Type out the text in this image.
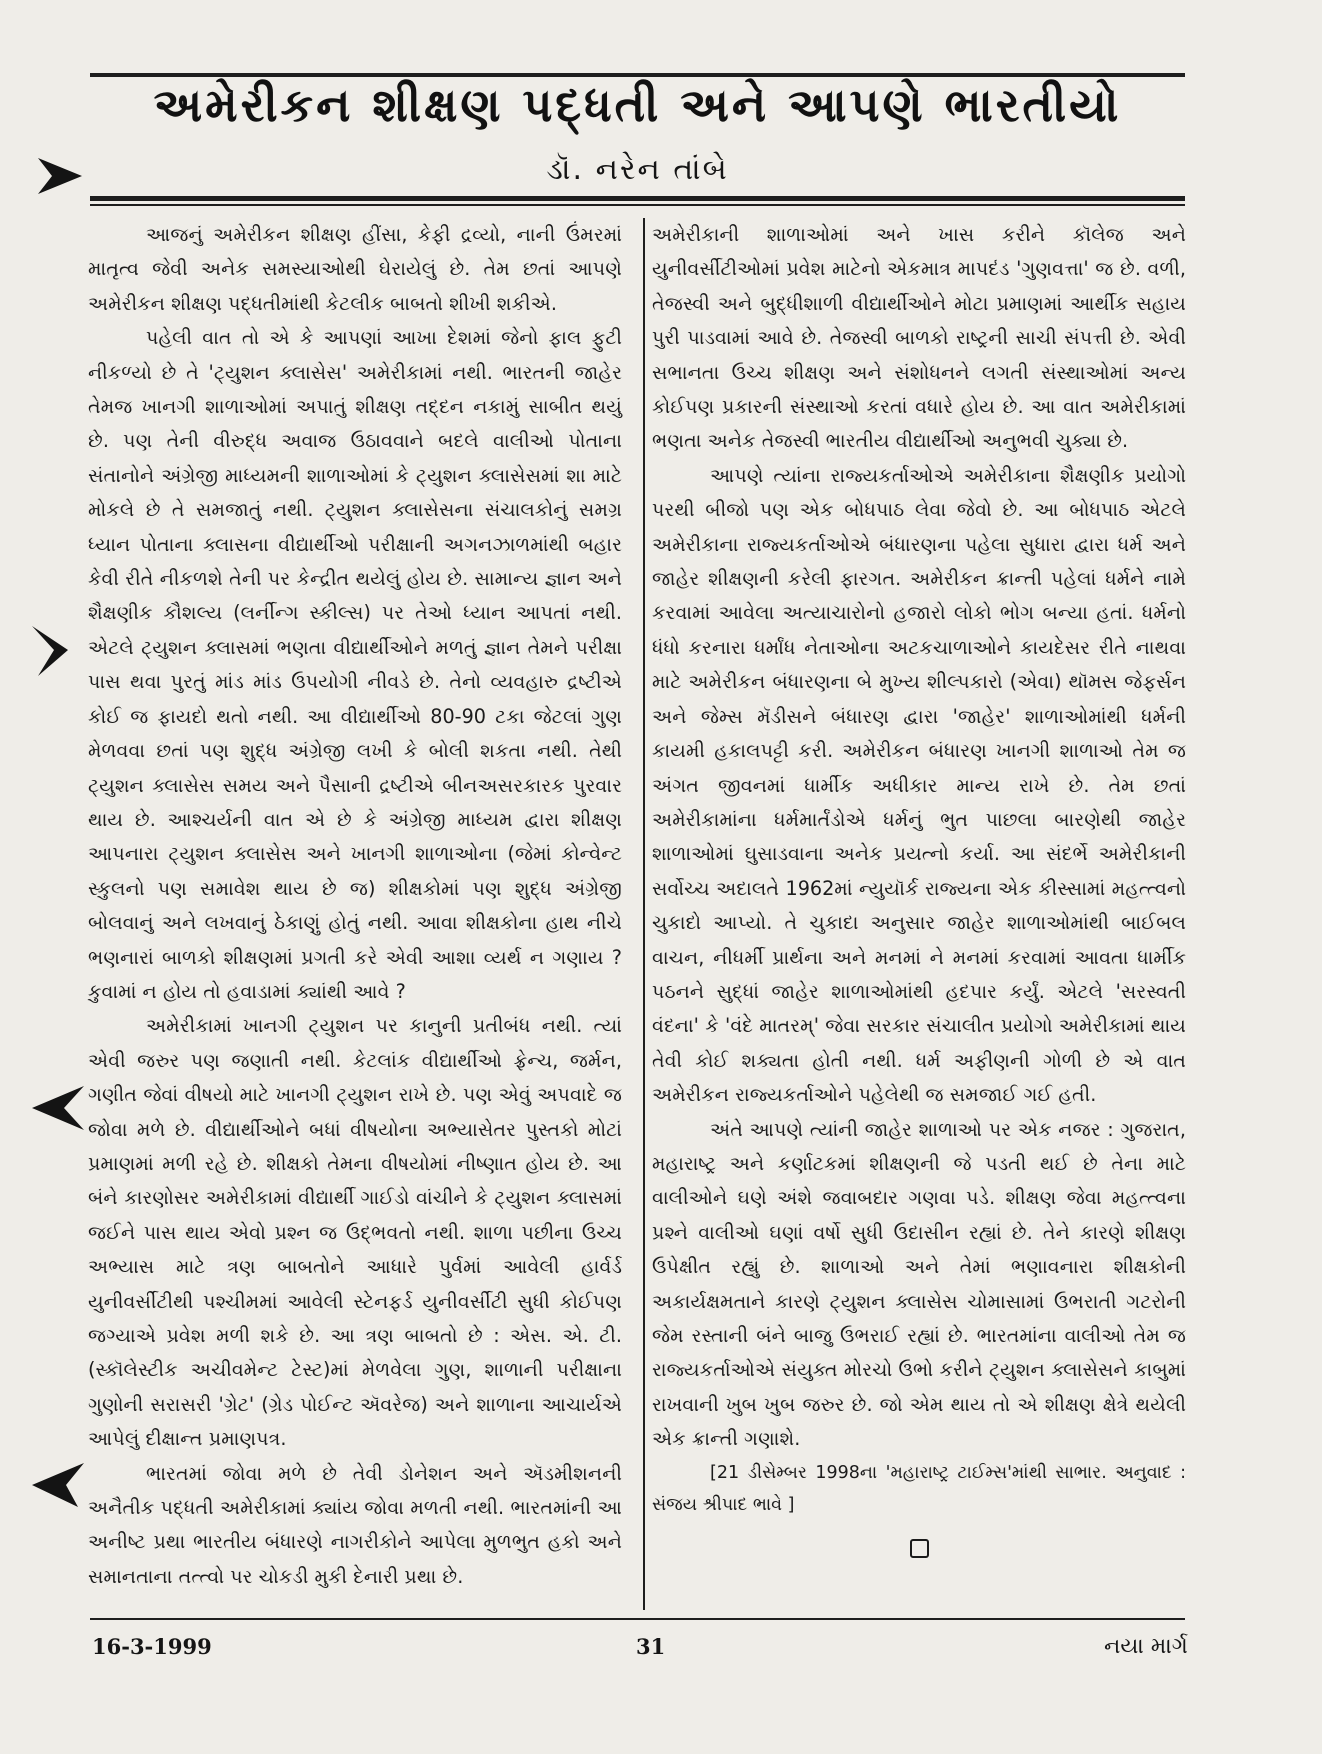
અમેરીકન શીક્ષણ પદ્ધતી અને આપણે ભારતીયો
ડૉ. નરેન તાંબે

આજનું અમેરીકન શીક્ષણ હીંસા, કેફી દ્રવ્યો, નાની ઉંમરમાં માતૃત્વ જેવી અનેક સમસ્યાઓથી ઘેરાયેલું છે. તેમ છતાં આપણે અમેરીકન શીક્ષણ પદ્ધતીમાંથી કેટલીક બાબતો શીખી શકીએ.

પહેલી વાત તો એ કે આપણાં આખા દેશમાં જેનો ફાલ ફુટી નીકળ્યો છે તે 'ટ્યુશન ક્લાસેસ' અમેરીકામાં નથી. ભારતની જાહેર તેમજ ખાનગી શાળાઓમાં અપાતું શીક્ષણ તદ્દન નકામું સાબીત થયું છે. પણ તેની વીરુદ્ધ અવાજ ઉઠાવવાને બદલે વાલીઓ પોતાના સંતાનોને અંગ્રેજી માધ્યમની શાળાઓમાં કે ટ્યુશન ક્લાસેસમાં શા માટે મોકલે છે તે સમજાતું નથી. ટ્યુશન ક્લાસેસના સંચાલકોનું સમગ્ર ધ્યાન પોતાના ક્લાસના વીદ્યાર્થીઓ પરીક્ષાની અગનઝાળમાંથી બહાર કેવી રીતે નીકળશે તેની પર કેન્દ્રીત થયેલું હોય છે. સામાન્ય જ્ઞાન અને શૈક્ષણીક કૌશલ્ય (લર્નીન્ગ સ્કીલ્સ) પર તેઓ ધ્યાન આપતાં નથી. એટલે ટ્યુશન ક્લાસમાં ભણતા વીદ્યાર્થીઓને મળતું જ્ઞાન તેમને પરીક્ષા પાસ થવા પુરતું માંડ માંડ ઉપયોગી નીવડે છે. તેનો વ્યવહારુ દ્રષ્ટીએ કોઈ જ ફાયદો થતો નથી. આ વીદ્યાર્થીઓ 80-90 ટકા જેટલાં ગુણ મેળવવા છતાં પણ શુદ્ધ અંગ્રેજી લખી કે બોલી શકતા નથી. તેથી ટ્યુશન ક્લાસેસ સમય અને પૈસાની દ્રષ્ટીએ બીનઅસરકારક પુરવાર થાય છે. આશ્ચર્યની વાત એ છે કે અંગ્રેજી માધ્યમ દ્વારા શીક્ષણ આપનારા ટ્યુશન ક્લાસેસ અને ખાનગી શાળાઓના (જેમાં કોન્વેન્ટ સ્કુલનો પણ સમાવેશ થાય છે જ) શીક્ષકોમાં પણ શુદ્ધ અંગ્રેજી બોલવાનું અને લખવાનું ઠેકાણું હોતું નથી. આવા શીક્ષકોના હાથ નીચે ભણનારાં બાળકો શીક્ષણમાં પ્રગતી કરે એવી આશા વ્યર્થ ન ગણાય ? કુવામાં ન હોય તો હવાડામાં ક્યાંથી આવે ?

અમેરીકામાં ખાનગી ટ્યુશન પર કાનુની પ્રતીબંધ નથી. ત્યાં એવી જરુર પણ જણાતી નથી. કેટલાંક વીદ્યાર્થીઓ ફ્રેન્ચ, જર્મન, ગણીત જેવાં વીષયો માટે ખાનગી ટ્યુશન રાખે છે. પણ એવું અપવાદે જ જોવા મળે છે. વીદ્યાર્થીઓને બધાં વીષયોના અભ્યાસેતર પુસ્તકો મોટાં પ્રમાણમાં મળી રહે છે. શીક્ષકો તેમના વીષયોમાં નીષ્ણાત હોય છે. આ બંને કારણોસર અમેરીકામાં વીદ્યાર્થી ગાઈડો વાંચીને કે ટ્યુશન ક્લાસમાં જઈને પાસ થાય એવો પ્રશ્ન જ ઉદ્ભવતો નથી. શાળા પછીના ઉચ્ચ અભ્યાસ માટે ત્રણ બાબતોને આધારે પુર્વમાં આવેલી હાર્વર્ડ યુનીવર્સીટીથી પશ્ચીમમાં આવેલી સ્ટેનફર્ડ યુનીવર્સીટી સુધી કોઈપણ જગ્યાએ પ્રવેશ મળી શકે છે. આ ત્રણ બાબતો છે : એસ. એ. ટી. (સ્કૉલેસ્ટીક અચીવમેન્ટ ટેસ્ટ)માં મેળવેલા ગુણ, શાળાની પરીક્ષાના ગુણોની સરાસરી 'ગ્રેટ' (ગ્રેડ પોઈન્ટ ઍવરેજ) અને શાળાના આચાર્યએ આપેલું દીક્ષાન્ત પ્રમાણપત્ર.

ભારતમાં જોવા મળે છે તેવી ડોનેશન અને ઍડમીશનની અનૈતીક પદ્ધતી અમેરીકામાં ક્યાંય જોવા મળતી નથી. ભારતમાંની આ અનીષ્ટ પ્રથા ભારતીય બંધારણે નાગરીકોને આપેલા મુળભુત હકો અને સમાનતાના તત્ત્વો પર ચોકડી મુકી દેનારી પ્રથા છે.

અમેરીકાની શાળાઓમાં અને ખાસ કરીને કૉલેજ અને યુનીવર્સીટીઓમાં પ્રવેશ માટેનો એકમાત્ર માપદંડ 'ગુણવત્તા' જ છે. વળી, તેજસ્વી અને બુદ્ધીશાળી વીદ્યાર્થીઓને મોટા પ્રમાણમાં આર્થીક સહાય પુરી પાડવામાં આવે છે. તેજસ્વી બાળકો રાષ્ટ્રની સાચી સંપત્તી છે. એવી સભાનતા ઉચ્ચ શીક્ષણ અને સંશોધનને લગતી સંસ્થાઓમાં અન્ય કોઈપણ પ્રકારની સંસ્થાઓ કરતાં વધારે હોય છે. આ વાત અમેરીકામાં ભણતા અનેક તેજસ્વી ભારતીય વીદ્યાર્થીઓ અનુભવી ચુક્યા છે.

આપણે ત્યાંના રાજ્યકર્તાઓએ અમેરીકાના શૈક્ષણીક પ્રયોગો પરથી બીજો પણ એક બોધપાઠ લેવા જેવો છે. આ બોધપાઠ એટલે અમેરીકાના રાજ્યકર્તાઓએ બંધારણના પહેલા સુધારા દ્વારા ધર્મ અને જાહેર શીક્ષણની કરેલી ફારગત. અમેરીકન ક્રાન્તી પહેલાં ધર્મને નામે કરવામાં આવેલા અત્યાચારોનો હજારો લોકો ભોગ બન્યા હતાં. ધર્મનો ધંધો કરનારા ધર્માંધ નેતાઓના અટકચાળાઓને કાયદેસર રીતે નાથવા માટે અમેરીકન બંધારણના બે મુખ્ય શીલ્પકારો (એવા) થૉમસ જેફર્સન અને જેમ્સ મૅડીસને બંધારણ દ્વારા 'જાહેર' શાળાઓમાંથી ધર્મની કાયમી હકાલપટ્ટી કરી. અમેરીકન બંધારણ ખાનગી શાળાઓ તેમ જ અંગત જીવનમાં ધાર્મીક અધીકાર માન્ય રાખે છે. તેમ છતાં અમેરીકામાંના ધર્મમાર્તંડોએ ધર્મનું ભુત પાછલા બારણેથી જાહેર શાળાઓમાં ઘુસાડવાના અનેક પ્રયત્નો કર્યા. આ સંદર્ભે અમેરીકાની સર્વોચ્ચ અદાલતે 1962માં ન્યુયૉર્ક રાજ્યના એક કીસ્સામાં મહત્ત્વનો ચુકાદો આપ્યો. તે ચુકાદા અનુસાર જાહેર શાળાઓમાંથી બાઈબલ વાચન, નીધર્મી પ્રાર્થના અને મનમાં ને મનમાં કરવામાં આવતા ધાર્મીક પઠનને સુદ્ધાં જાહેર શાળાઓમાંથી હદપાર કર્યું. એટલે 'સરસ્વતી વંદના' કે 'વંદે માતરમ્' જેવા સરકાર સંચાલીત પ્રયોગો અમેરીકામાં થાય તેવી કોઈ શક્યતા હોતી નથી. ધર્મ અફીણની ગોળી છે એ વાત અમેરીકન રાજ્યકર્તાઓને પહેલેથી જ સમજાઈ ગઈ હતી.

અંતે આપણે ત્યાંની જાહેર શાળાઓ પર એક નજર : ગુજરાત, મહારાષ્ટ્ર અને કર્ણાટકમાં શીક્ષણની જે પડતી થઈ છે તેના માટે વાલીઓને ઘણે અંશે જવાબદાર ગણવા પડે. શીક્ષણ જેવા મહત્ત્વના પ્રશ્ને વાલીઓ ઘણાં વર્ષો સુધી ઉદાસીન રહ્યાં છે. તેને કારણે શીક્ષણ ઉપેક્ષીત રહ્યું છે. શાળાઓ અને તેમાં ભણાવનારા શીક્ષકોની અકાર્યક્ષમતાને કારણે ટ્યુશન ક્લાસેસ ચોમાસામાં ઉભરાતી ગટરોની જેમ રસ્તાની બંને બાજુ ઉભરાઈ રહ્યાં છે. ભારતમાંના વાલીઓ તેમ જ રાજ્યકર્તાઓએ સંયુક્ત મોરચો ઉભો કરીને ટ્યુશન ક્લાસેસને કાબુમાં રાખવાની ખુબ ખુબ જરુર છે. જો એમ થાય તો એ શીક્ષણ ક્ષેત્રે થયેલી એક ક્રાન્તી ગણાશે.

[21 ડીસેમ્બર 1998ના 'મહારાષ્ટ્ર ટાઈમ્સ'માંથી સાભાર. અનુવાદ : સંજય શ્રીપાદ ભાવે ]

16-3-1999	31	નયા માર્ગ
